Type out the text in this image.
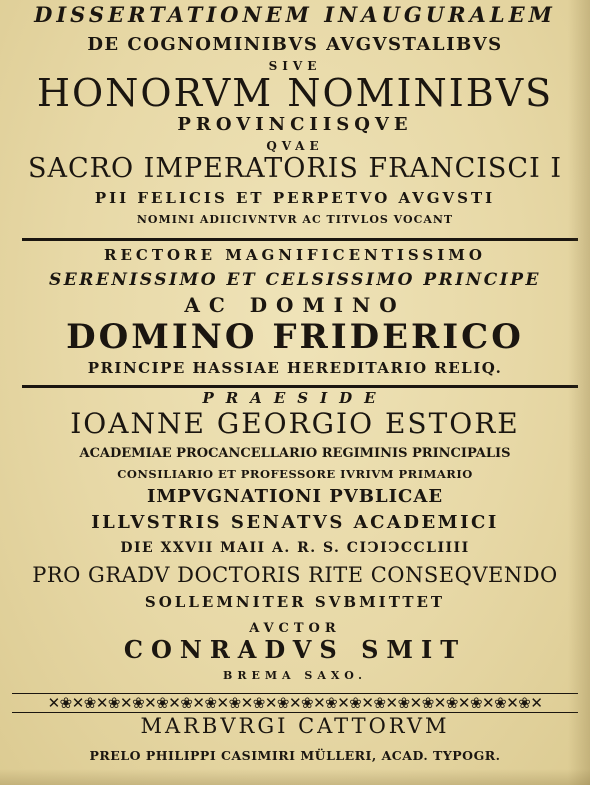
DISSERTATIONEM INAUGURALEM
DE COGNOMINIBVS AVGVSTALIBVS
SIVE
HONORVM NOMINIBVS
PROVINCIISQVE
QVAE
SACRO IMPERATORIS FRANCISCI I
PII FELICIS ET PERPETVO AVGVSTI
NOMINI ADIICIVNTVR AC TITVLOS VOCANT
RECTORE MAGNIFICENTISSIMO
SERENISSIMO ET CELSISSIMO PRINCIPE
AC DOMINO
DOMINO FRIDERICO
PRINCIPE HASSIAE HEREDITARIO RELIQ.
PRAESIDE
IOANNE GEORGIO ESTORE
ACADEMIAE PROCANCELLARIO REGIMINIS PRINCIPALIS
CONSILIARIO ET PROFESSORE IVRIVM PRIMARIO
IMPVGNATIONI PVBLICAE
ILLVSTRIS SENATVS ACADEMICI
DIE XXVII MAII A. R. S. CIↃIↃCCLIIII
PRO GRADV DOCTORIS RITE CONSEQVENDO
SOLLEMNITER SVBMITTET
AVCTOR
CONRADVS SMIT
BREMA SAXO.
✕❀✕❀✕❀✕❀✕❀✕❀✕❀✕❀✕❀✕❀✕❀✕❀✕❀✕❀✕❀✕❀✕❀✕❀✕❀✕❀✕
MARBVRGI CATTORVM
PRELO PHILIPPI CASIMIRI MÜLLERI, ACAD. TYPOGR.
